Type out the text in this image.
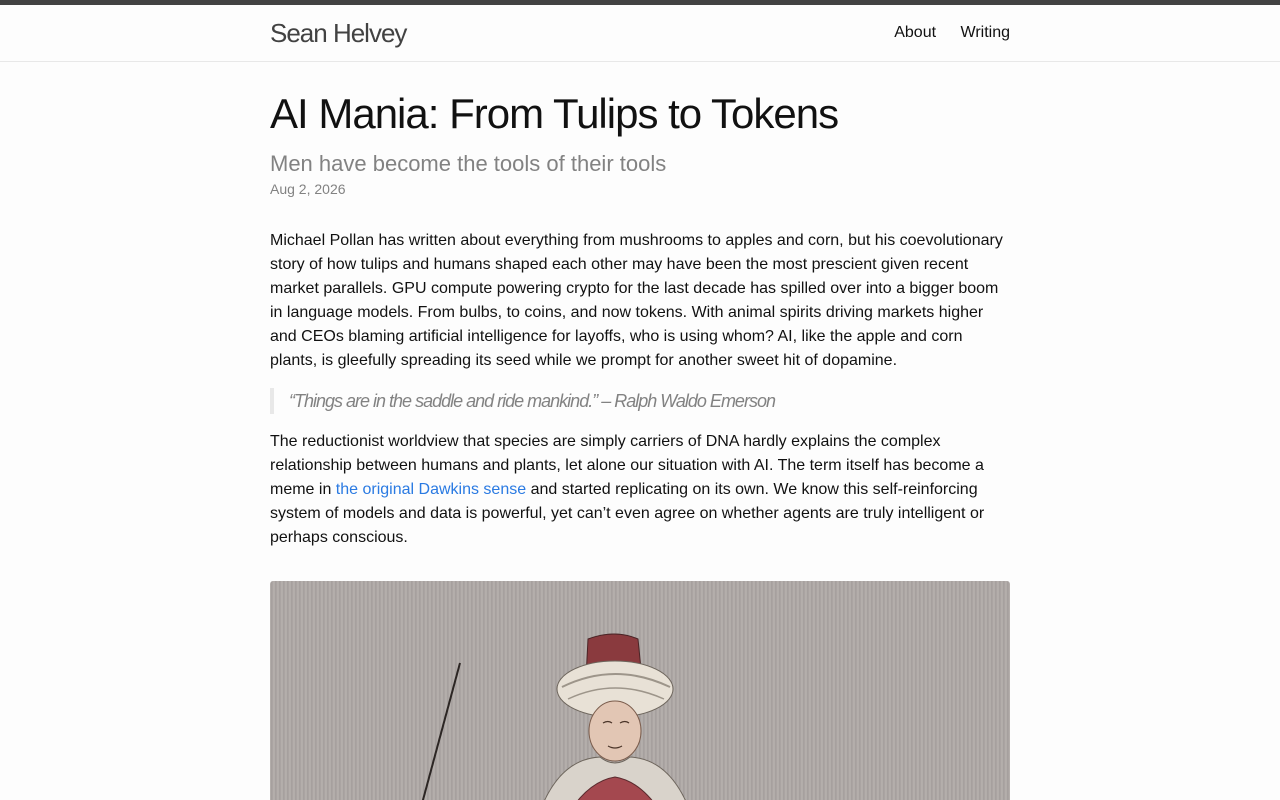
Sean Helvey	About Writing
AI Mania: From Tulips to Tokens
Men have become the tools of their tools
Aug 2, 2026

Michael Pollan has written about everything from mushrooms to apples and corn, but his coevolutionary story of how tulips and humans shaped each other may have been the most prescient given recent market parallels. GPU compute powering crypto for the last decade has spilled over into a bigger boom in language models. From bulbs, to coins, and now tokens. With animal spirits driving markets higher and CEOs blaming artificial intelligence for layoffs, who is using whom? AI, like the apple and corn plants, is gleefully spreading its seed while we prompt for another sweet hit of dopamine.

“Things are in the saddle and ride mankind.” – Ralph Waldo Emerson

The reductionist worldview that species are simply carriers of DNA hardly explains the complex relationship between humans and plants, let alone our situation with AI. The term itself has become a meme in the original Dawkins sense and started replicating on its own. We know this self-reinforcing system of models and data is powerful, yet can’t even agree on whether agents are truly intelligent or perhaps conscious.
